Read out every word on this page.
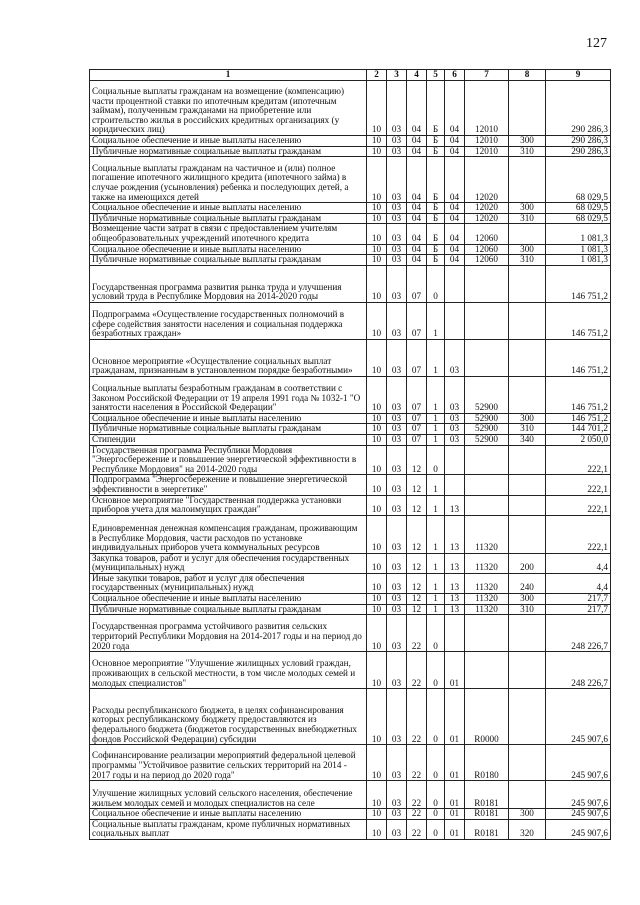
127
1	2	3	4	5	6	7	8	9
Социальные выплаты гражданам на возмещение (компенсацию) части процентной ставки по ипотечным кредитам (ипотечным займам), полученным гражданами на приобретение или строительство жилья в российских кредитных организациях (у юридических лиц)	10	03	04	Б	04	12010		290 286,3
Социальное обеспечение и иные выплаты населению	10	03	04	Б	04	12010	300	290 286,3
Публичные нормативные социальные выплаты гражданам	10	03	04	Б	04	12010	310	290 286,3
Социальные выплаты гражданам на частичное и (или) полное погашение ипотечного жилищного кредита (ипотечного займа) в случае рождения (усыновления) ребенка и последующих детей, а также на имеющихся детей	10	03	04	Б	04	12020		68 029,5
Социальное обеспечение и иные выплаты населению	10	03	04	Б	04	12020	300	68 029,5
Публичные нормативные социальные выплаты гражданам	10	03	04	Б	04	12020	310	68 029,5
Возмещение части затрат в связи с предоставлением учителям общеобразовательных учреждений ипотечного кредита	10	03	04	Б	04	12060		1 081,3
Социальное обеспечение и иные выплаты населению	10	03	04	Б	04	12060	300	1 081,3
Публичные нормативные социальные выплаты гражданам	10	03	04	Б	04	12060	310	1 081,3
Государственная программа развития рынка труда и улучшения условий труда в Республике Мордовия на 2014-2020 годы	10	03	07	0				146 751,2
Подпрограмма «Осуществление государственных полномочий в сфере содействия занятости населения и социальная поддержка безработных граждан»	10	03	07	1				146 751,2
Основное мероприятие «Осуществление социальных выплат гражданам, признанным в установленном порядке безработными»	10	03	07	1	03			146 751,2
Социальные выплаты безработным гражданам в соответствии с Законом Российской Федерации от 19 апреля 1991 года № 1032-1 "О занятости населения в Российской Федерации"	10	03	07	1	03	52900		146 751,2
Социальное обеспечение и иные выплаты населению	10	03	07	1	03	52900	300	146 751,2
Публичные нормативные социальные выплаты гражданам	10	03	07	1	03	52900	310	144 701,2
Стипендии	10	03	07	1	03	52900	340	2 050,0
Государственная программа Республики Мордовия "Энергосбережение и повышение энергетической эффективности в Республике Мордовия" на 2014-2020 годы	10	03	12	0				222,1
Подпрограмма "Энергосбережение и повышение энергетической эффективности в энергетике"	10	03	12	1				222,1
Основное мероприятие "Государственная поддержка установки приборов учета для малоимущих граждан"	10	03	12	1	13			222,1
Единовременная денежная компенсация гражданам, проживающим в Республике Мордовия, части расходов по установке индивидуальных приборов учета коммунальных ресурсов	10	03	12	1	13	11320		222,1
Закупка товаров, работ и услуг для обеспечения государственных (муниципальных) нужд	10	03	12	1	13	11320	200	4,4
Иные закупки товаров, работ и услуг для обеспечения государственных (муниципальных) нужд	10	03	12	1	13	11320	240	4,4
Социальное обеспечение и иные выплаты населению	10	03	12	1	13	11320	300	217,7
Публичные нормативные социальные выплаты гражданам	10	03	12	1	13	11320	310	217,7
Государственная программа устойчивого развития сельских территорий Республики Мордовия на 2014-2017 годы и на период до 2020 года	10	03	22	0				248 226,7
Основное мероприятие "Улучшение жилищных условий граждан, проживающих в сельской местности, в том числе молодых семей и молодых специалистов"	10	03	22	0	01			248 226,7
Расходы республиканского бюджета, в целях софинансирования которых республиканскому бюджету предоставляются из федерального бюджета (бюджетов государственных внебюджетных фондов Российской Федерации) субсидии	10	03	22	0	01	R0000		245 907,6
Софинансирование реализации мероприятий федеральной целевой программы "Устойчивое развитие сельских территорий на 2014 - 2017 годы и на период до 2020 года"	10	03	22	0	01	R0180		245 907,6
Улучшение жилищных условий сельского населения, обеспечение жильем молодых семей и молодых специалистов на селе	10	03	22	0	01	R0181		245 907,6
Социальное обеспечение и иные выплаты населению	10	03	22	0	01	R0181	300	245 907,6
Социальные выплаты гражданам, кроме публичных нормативных социальных выплат	10	03	22	0	01	R0181	320	245 907,6
